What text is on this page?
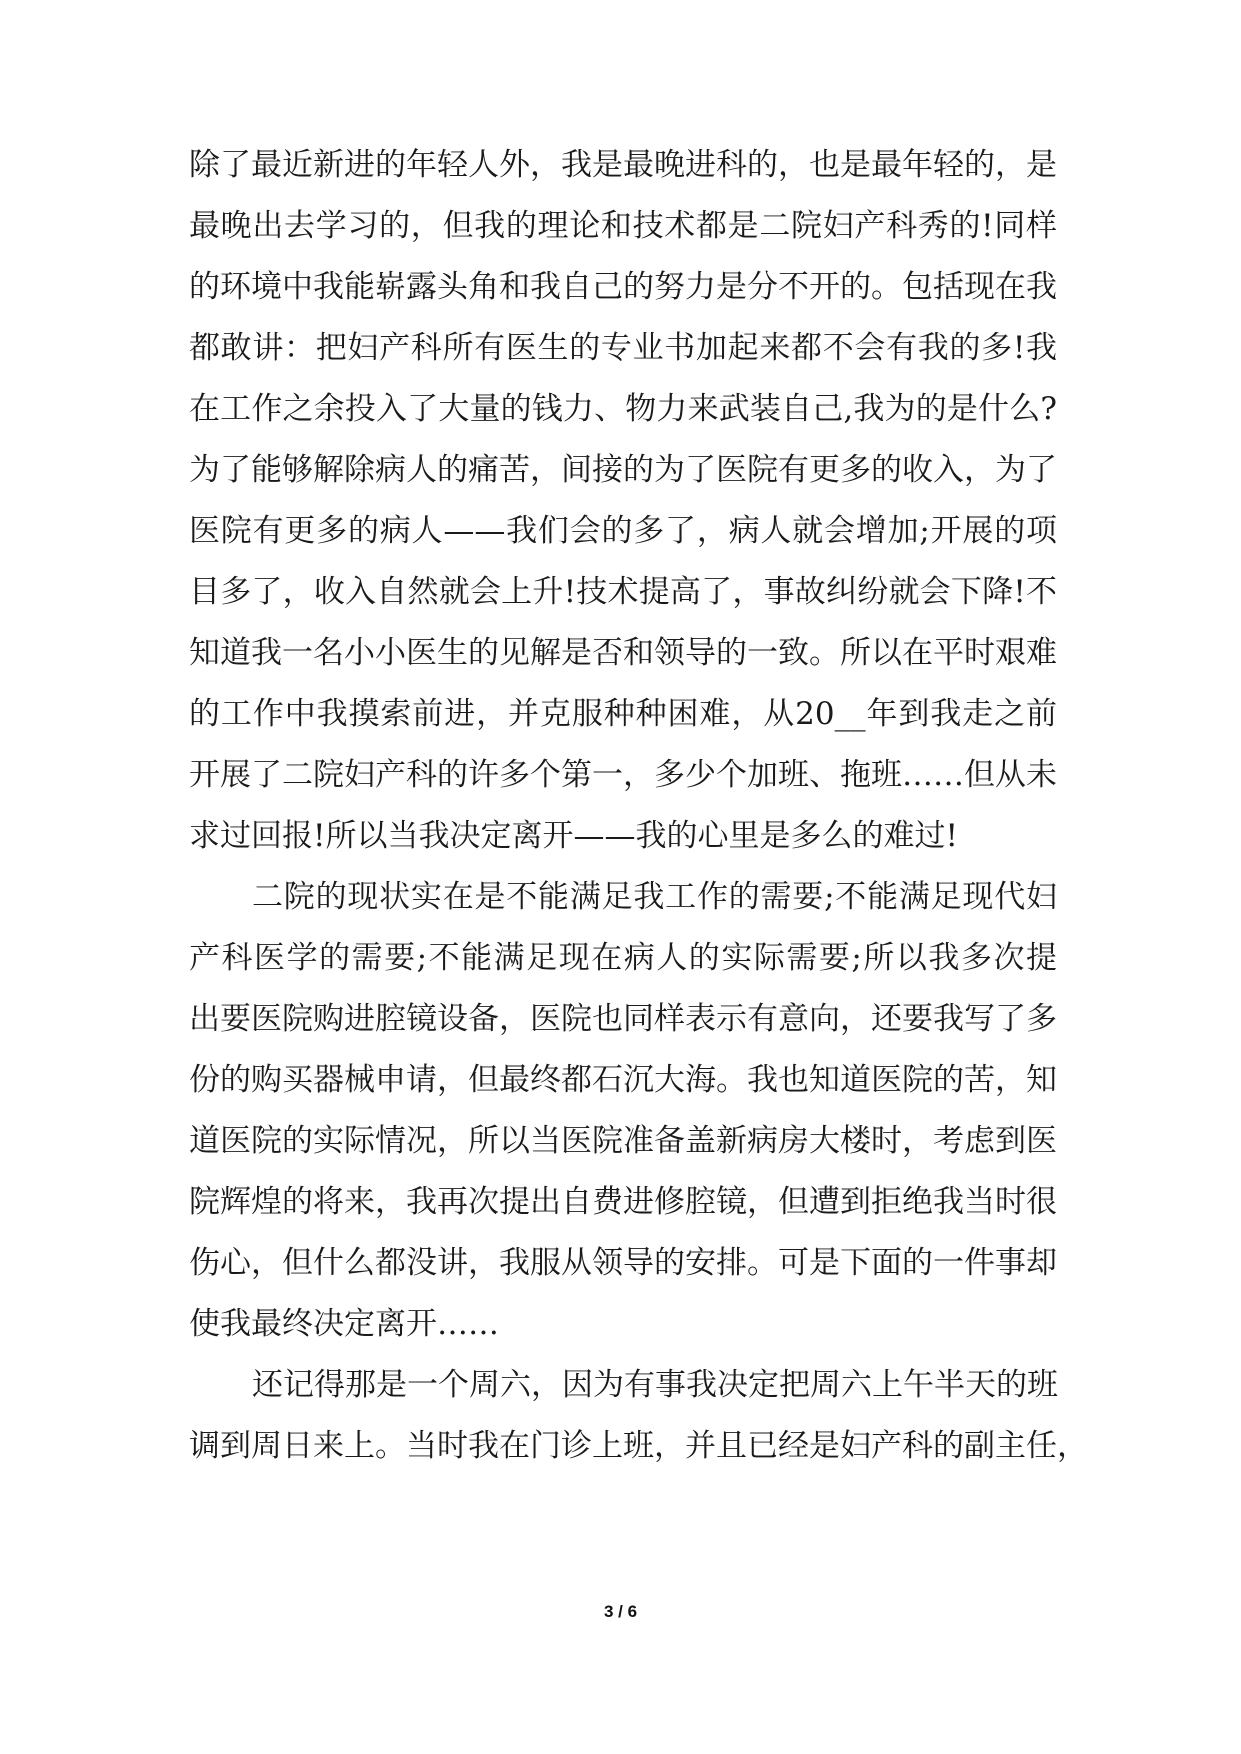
除了最近新进的年轻人外，我是最晚进科的，也是最年轻的，是
最晚出去学习的，但我的理论和技术都是二院妇产科秀的!同样
的环境中我能崭露头角和我自己的努力是分不开的。包括现在我
都敢讲：把妇产科所有医生的专业书加起来都不会有我的多!我
在工作之余投入了大量的钱力、物力来武装自己,我为的是什么?
为了能够解除病人的痛苦，间接的为了医院有更多的收入，为了
医院有更多的病人——我们会的多了，病人就会增加;开展的项
目多了，收入自然就会上升!技术提高了，事故纠纷就会下降!不
知道我一名小小医生的见解是否和领导的一致。所以在平时艰难
的工作中我摸索前进，并克服种种困难，从20__年到我走之前
开展了二院妇产科的许多个第一，多少个加班、拖班……但从未
求过回报!所以当我决定离开——我的心里是多么的难过!
二院的现状实在是不能满足我工作的需要;不能满足现代妇
产科医学的需要;不能满足现在病人的实际需要;所以我多次提
出要医院购进腔镜设备，医院也同样表示有意向，还要我写了多
份的购买器械申请，但最终都石沉大海。我也知道医院的苦，知
道医院的实际情况，所以当医院准备盖新病房大楼时，考虑到医
院辉煌的将来，我再次提出自费进修腔镜，但遭到拒绝我当时很
伤心，但什么都没讲，我服从领导的安排。可是下面的一件事却
使我最终决定离开……
还记得那是一个周六，因为有事我决定把周六上午半天的班
调到周日来上。当时我在门诊上班，并且已经是妇产科的副主任，
3 / 6
